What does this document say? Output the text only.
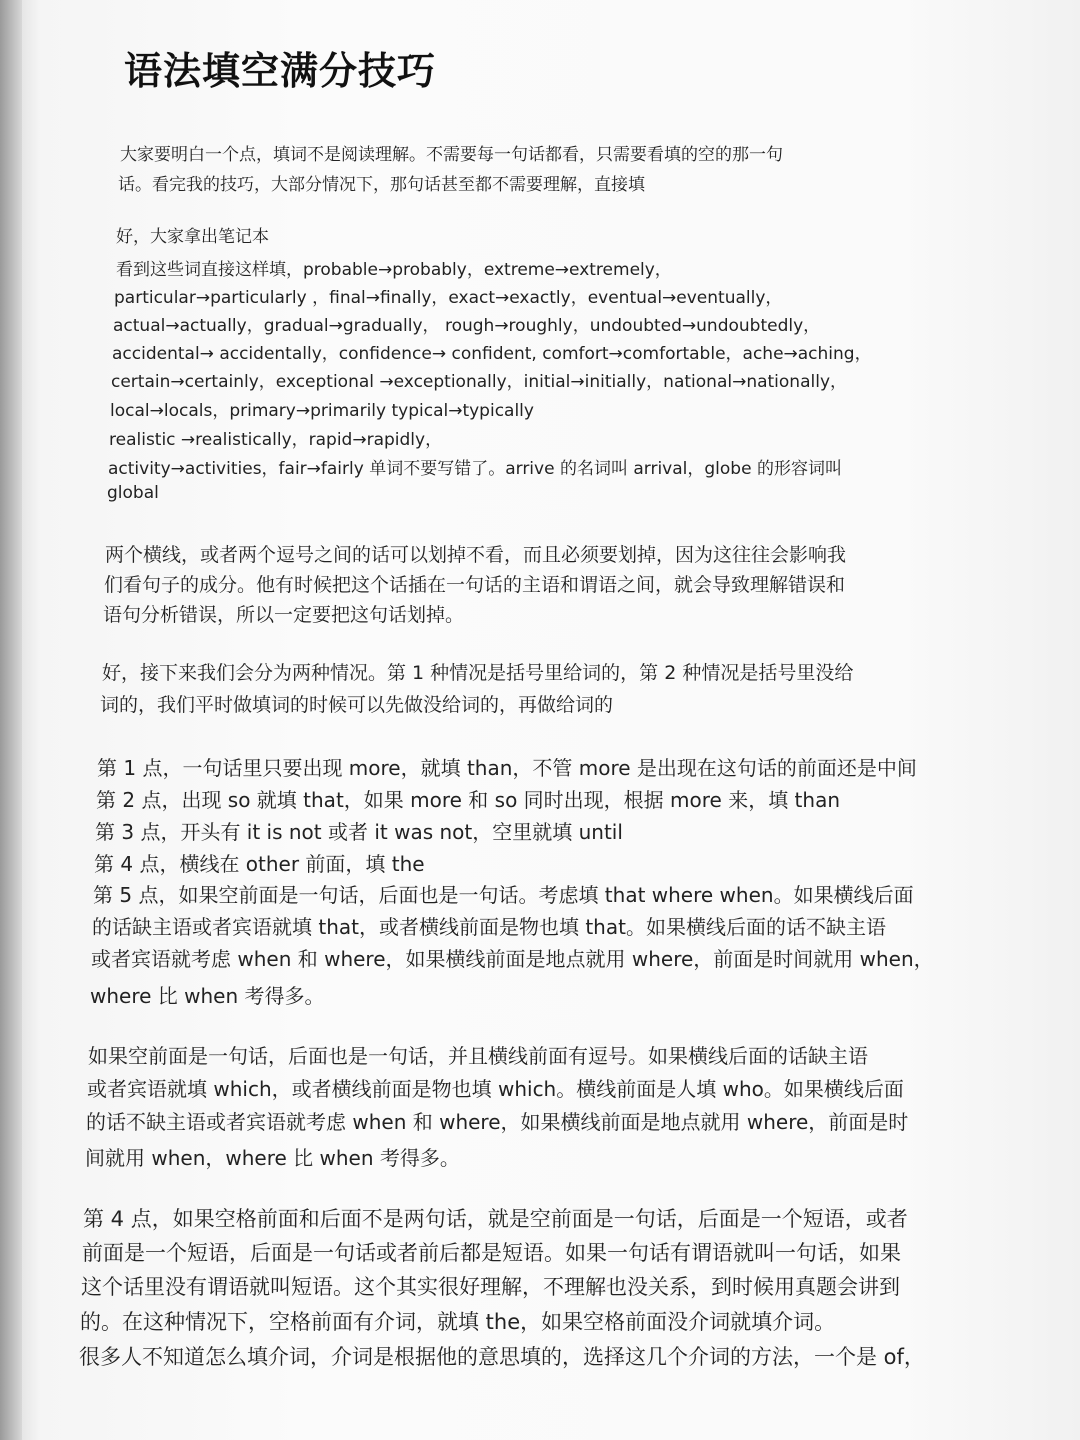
语法填空满分技巧
大家要明白一个点，填词不是阅读理解。不需要每一句话都看，只需要看填的空的那一句
话。看完我的技巧，大部分情况下，那句话甚至都不需要理解，直接填
好，大家拿出笔记本
看到这些词直接这样填，probable→probably，extreme→extremely，
particular→particularly ，final→finally，exact→exactly，eventual→eventually，
actual→actually，gradual→gradually， rough→roughly，undoubted→undoubtedly，
accidental→ accidentally，confidence→ confident, comfort→comfortable，ache→aching，
certain→certainly，exceptional →exceptionally，initial→initially，national→nationally，
local→locals，primary→primarily typical→typically
realistic →realistically，rapid→rapidly，
activity→activities，fair→fairly 单词不要写错了。arrive 的名词叫 arrival，globe 的形容词叫
global
两个横线，或者两个逗号之间的话可以划掉不看，而且必须要划掉，因为这往往会影响我
们看句子的成分。他有时候把这个话插在一句话的主语和谓语之间，就会导致理解错误和
语句分析错误，所以一定要把这句话划掉。
好，接下来我们会分为两种情况。第 1 种情况是括号里给词的，第 2 种情况是括号里没给
词的，我们平时做填词的时候可以先做没给词的，再做给词的
第 1 点，一句话里只要出现 more，就填 than，不管 more 是出现在这句话的前面还是中间
第 2 点，出现 so 就填 that，如果 more 和 so 同时出现，根据 more 来，填 than
第 3 点，开头有 it is not 或者 it was not，空里就填 until
第 4 点，横线在 other 前面，填 the
第 5 点，如果空前面是一句话，后面也是一句话。考虑填 that where when。如果横线后面
的话缺主语或者宾语就填 that，或者横线前面是物也填 that。如果横线后面的话不缺主语
或者宾语就考虑 when 和 where，如果横线前面是地点就用 where，前面是时间就用 when，
where 比 when 考得多。
如果空前面是一句话，后面也是一句话，并且横线前面有逗号。如果横线后面的话缺主语
或者宾语就填 which，或者横线前面是物也填 which。横线前面是人填 who。如果横线后面
的话不缺主语或者宾语就考虑 when 和 where，如果横线前面是地点就用 where，前面是时
间就用 when，where 比 when 考得多。
第 4 点，如果空格前面和后面不是两句话，就是空前面是一句话，后面是一个短语，或者
前面是一个短语，后面是一句话或者前后都是短语。如果一句话有谓语就叫一句话，如果
这个话里没有谓语就叫短语。这个其实很好理解，不理解也没关系，到时候用真题会讲到
的。在这种情况下，空格前面有介词，就填 the，如果空格前面没介词就填介词。
很多人不知道怎么填介词，介词是根据他的意思填的，选择这几个介词的方法，一个是 of，
